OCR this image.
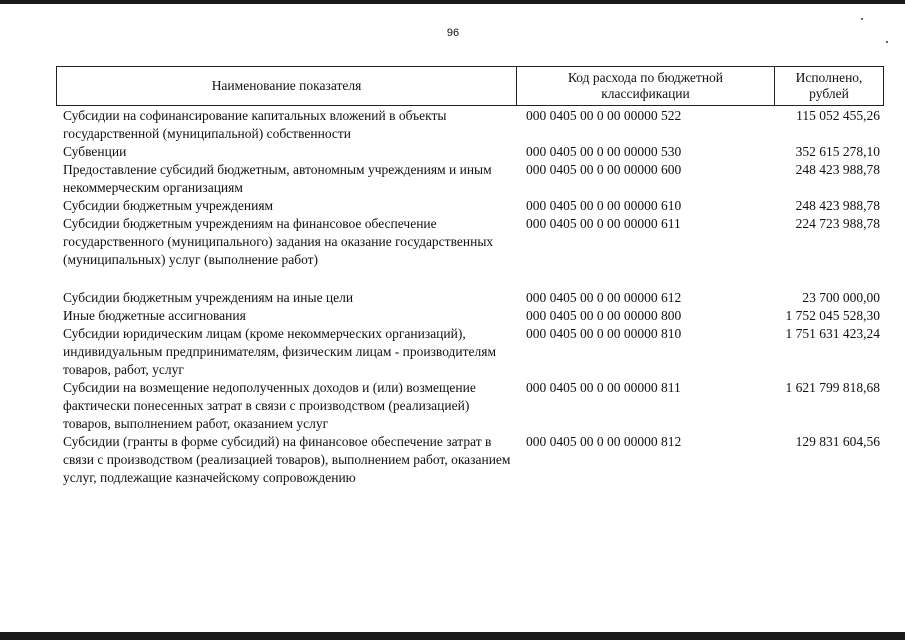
96
Наименование показателя
Код расхода по бюджетной классификации
Исполнено, рублей
Субсидии на софинансирование капитальных вложений в объекты государственной (муниципальной) собственности
000 0405 00 0 00 00000 522	115 052 455,26
Субвенции	000 0405 00 0 00 00000 530	352 615 278,10
Предоставление субсидий бюджетным, автономным учреждениям и иным некоммерческим организациям
000 0405 00 0 00 00000 600	248 423 988,78
Субсидии бюджетным учреждениям	000 0405 00 0 00 00000 610	248 423 988,78
Субсидии бюджетным учреждениям на финансовое обеспечение государственного (муниципального) задания на оказание государственных (муниципальных) услуг (выполнение работ)
000 0405 00 0 00 00000 611	224 723 988,78
Субсидии бюджетным учреждениям на иные цели	000 0405 00 0 00 00000 612	23 700 000,00
Иные бюджетные ассигнования	000 0405 00 0 00 00000 800	1 752 045 528,30
Субсидии юридическим лицам (кроме некоммерческих организаций), индивидуальным предпринимателям, физическим лицам - производителям товаров, работ, услуг
000 0405 00 0 00 00000 810	1 751 631 423,24
Субсидии на возмещение недополученных доходов и (или) возмещение фактически понесенных затрат в связи с производством (реализацией) товаров, выполнением работ, оказанием услуг
000 0405 00 0 00 00000 811	1 621 799 818,68
Субсидии (гранты в форме субсидий) на финансовое обеспечение затрат в связи с производством (реализацией товаров), выполнением работ, оказанием услуг, подлежащие казначейскому сопровождению
000 0405 00 0 00 00000 812	129 831 604,56
